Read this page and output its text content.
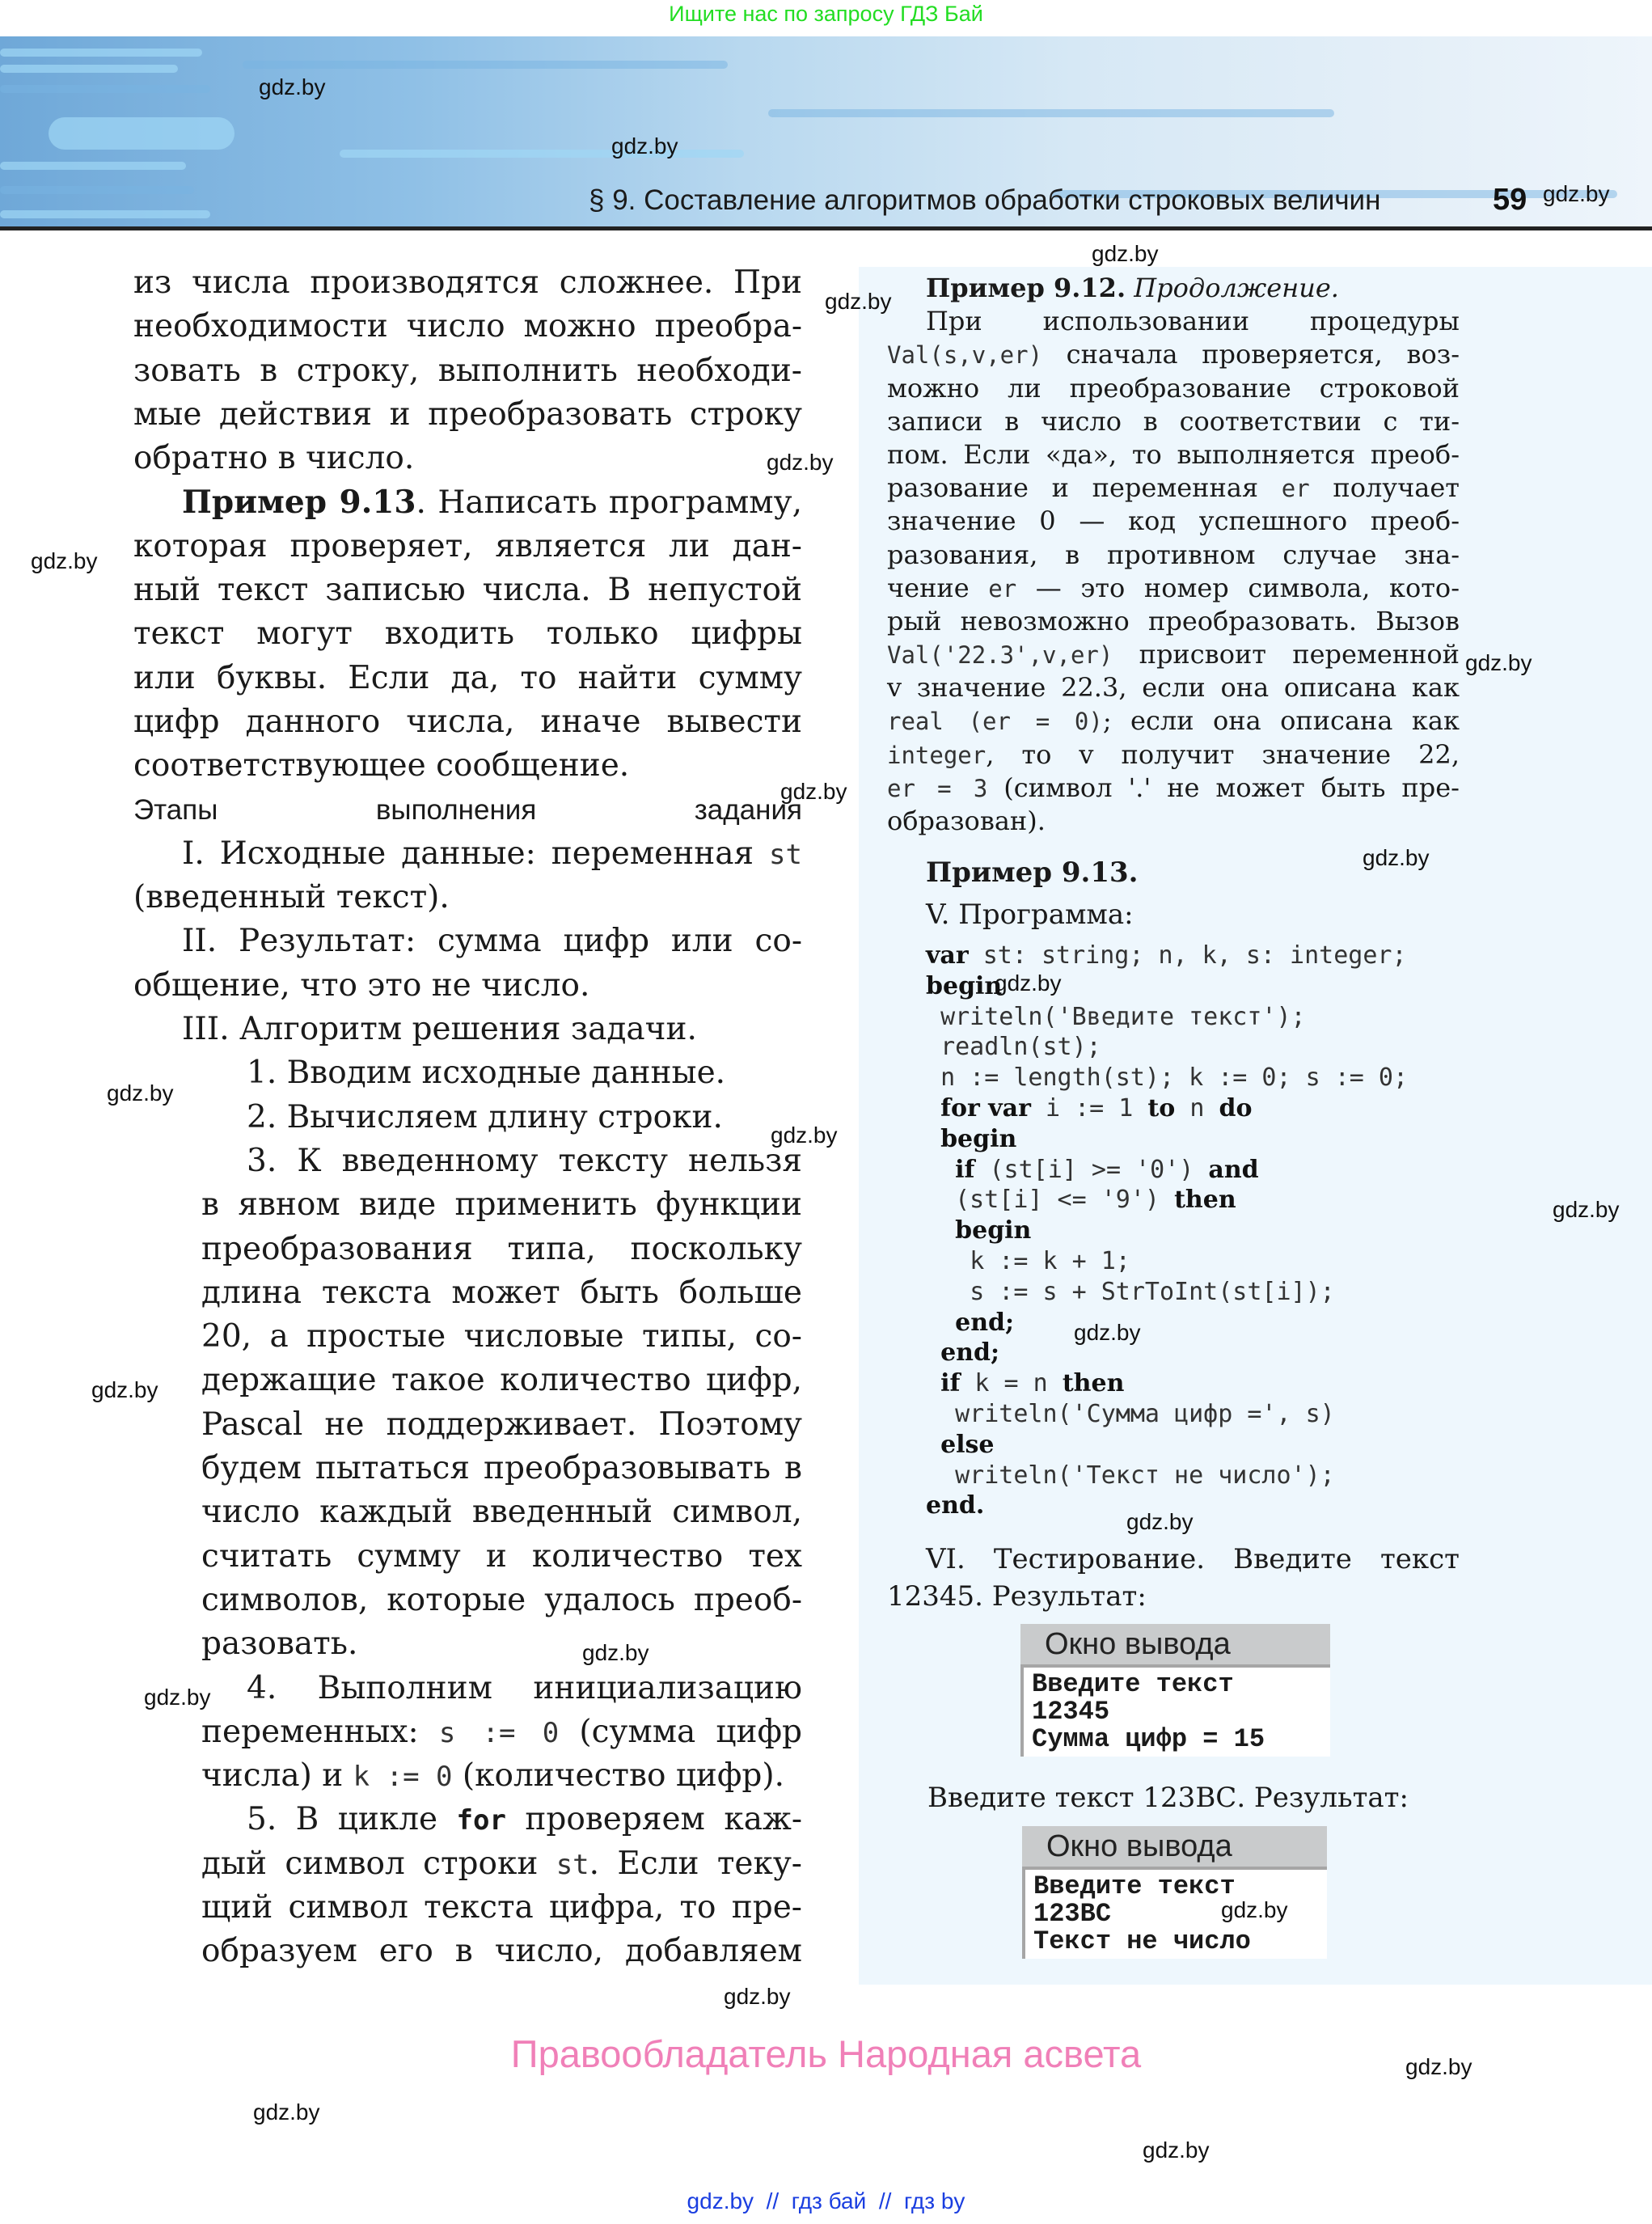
Ищите нас по запросу ГДЗ Бай
§ 9. Составление алгоритмов обработки строковых величин	59
из числа производятся сложнее. При
необходимости число можно преобра-
зовать в строку, выполнить необходи-
мые действия и преобразовать строку
обратно в число.
Пример 9.13. Написать программу,
которая проверяет, является ли дан-
ный текст записью числа. В непустой
текст могут входить только цифры
или буквы. Если да, то найти сумму
цифр данного числа, иначе вывести
соответствующее сообщение.
Этапы выполнения задания
I. Исходные данные: переменная st
(введенный текст).
II. Результат: сумма цифр или со-
общение, что это не число.
III. Алгоритм решения задачи.
1. Вводим исходные данные.
2. Вычисляем длину строки.
3. К введенному тексту нельзя
в явном виде применить функции
преобразования типа, поскольку
длина текста может быть больше
20, а простые числовые типы, со-
держащие такое количество цифр,
Pascal не поддерживает. Поэтому
будем пытаться преобразовывать в
число каждый введенный символ,
считать сумму и количество тех
символов, которые удалось преоб-
разовать.
4. Выполним инициализацию
переменных: s := 0 (сумма цифр
числа) и k := 0 (количество цифр).
5. В цикле for проверяем каж-
дый символ строки st. Если теку-
щий символ текста цифра, то пре-
образуем его в число, добавляем
Пример 9.12. Продолжение.
При использовании процедуры
Val(s,v,er) сначала проверяется, воз-
можно ли преобразование строковой
записи в число в соответствии с ти-
пом. Если «да», то выполняется преоб-
разование и переменная er получает
значение 0 — код успешного преоб-
разования, в противном случае зна-
чение er — это номер символа, кото-
рый невозможно преобразовать. Вызов
Val('22.3',v,er) присвоит переменной
v значение 22.3, если она описана как
real (er = 0); если она описана как
integer, то v получит значение 22,
er = 3 (символ '.' не может быть пре-
образован).
Пример 9.13.
V. Программа:
var st: string; n, k, s: integer;
begin
writeln('Введите текст');
readln(st);
n := length(st); k := 0; s := 0;
for var i := 1 to n do
begin
if (st[i] >= '0') and
(st[i] <= '9') then
begin
k := k + 1;
s := s + StrToInt(st[i]);
end;
end;
if k = n then
writeln('Сумма цифр =', s)
else
writeln('Текст не число');
end.
VI. Тестирование. Введите текст
12345. Результат:
Окно вывода
Введите текст
12345
Сумма цифр = 15
Введите текст 123ВС. Результат:
Окно вывода
Введите текст
123BC
Текст не число
gdz.by
gdz.by
gdz.by
gdz.by
gdz.by
gdz.by
gdz.by
gdz.by
gdz.by
gdz.by
gdz.by
gdz.by
gdz.by
gdz.by
gdz.by
gdz.by
gdz.by
gdz.by
gdz.by
gdz.by
gdz.by
gdz.by
gdz.by
gdz.by
Правообладатель Народная асвета
gdz.by // гдз бай // гдз by
